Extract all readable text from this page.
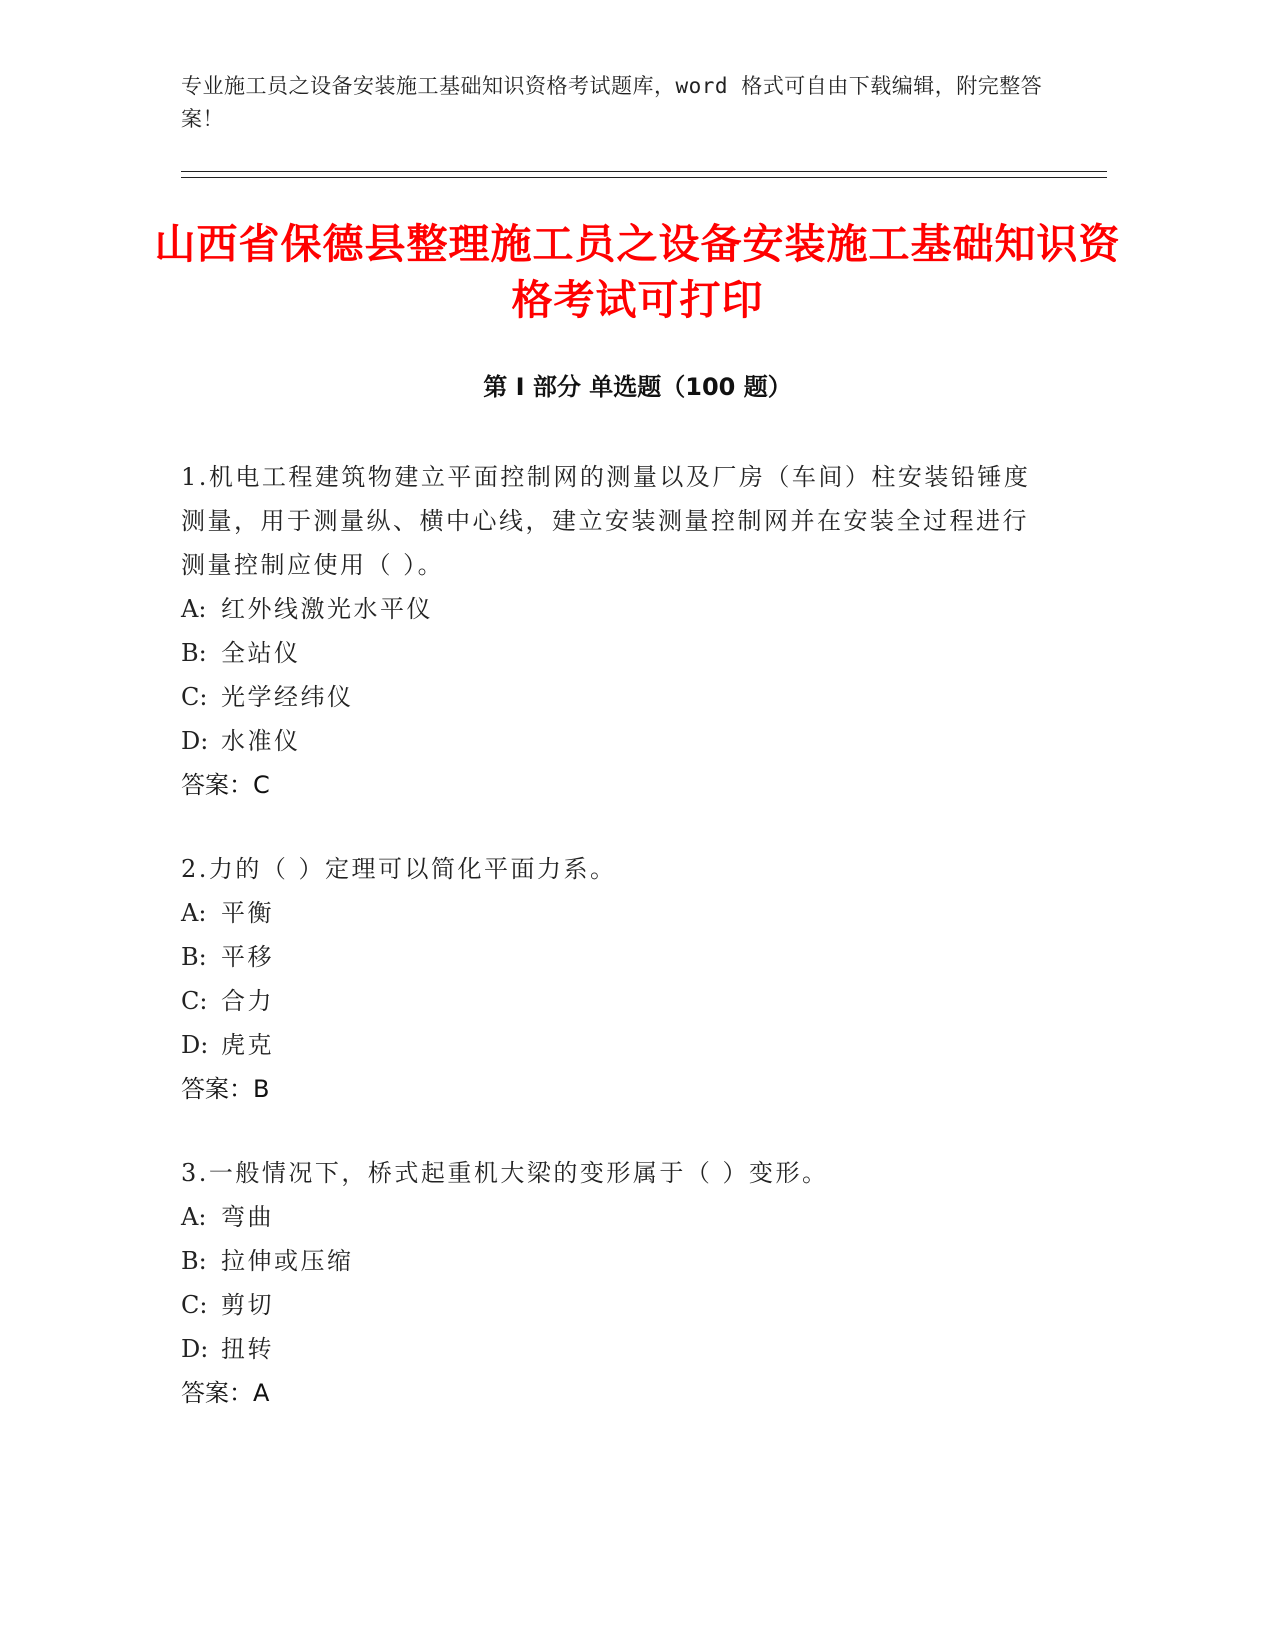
专业施工员之设备安装施工基础知识资格考试题库，word 格式可自由下载编辑，附完整答案！
山西省保德县整理施工员之设备安装施工基础知识资格考试可打印
第 I 部分 单选题（100 题）
1.机电工程建筑物建立平面控制网的测量以及厂房（车间）柱安装铅锤度测量，用于测量纵、横中心线，建立安装测量控制网并在安装全过程进行测量控制应使用（ ）。
A: 红外线激光水平仪
B: 全站仪
C: 光学经纬仪
D: 水准仪
答案：C
2.力的（ ）定理可以简化平面力系。
A: 平衡
B: 平移
C: 合力
D: 虎克
答案：B
3.一般情况下，桥式起重机大梁的变形属于（ ）变形。
A: 弯曲
B: 拉伸或压缩
C: 剪切
D: 扭转
答案：A
